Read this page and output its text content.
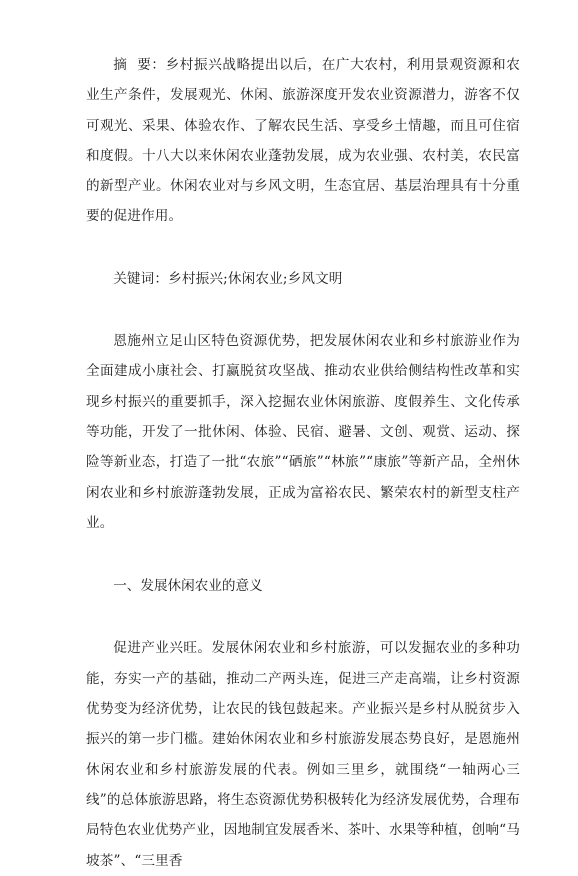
摘  要：乡村振兴战略提出以后，在广大农村，利用景观资源和农业生产条件，发展观光、休闲、旅游深度开发农业资源潜力，游客不仅可观光、采果、体验农作、了解农民生活、享受乡土情趣，而且可住宿和度假。十八大以来休闲农业蓬勃发展，成为农业强、农村美，农民富的新型产业。休闲农业对与乡风文明，生态宜居、基层治理具有十分重要的促进作用。

关键词：乡村振兴;休闲农业;乡风文明

恩施州立足山区特色资源优势，把发展休闲农业和乡村旅游业作为全面建成小康社会、打赢脱贫攻坚战、推动农业供给侧结构性改革和实现乡村振兴的重要抓手，深入挖掘农业休闲旅游、度假养生、文化传承等功能，开发了一批休闲、体验、民宿、避暑、文创、观赏、运动、探险等新业态，打造了一批“农旅”“硒旅”“林旅”“康旅”等新产品，全州休闲农业和乡村旅游蓬勃发展，正成为富裕农民、繁荣农村的新型支柱产业。

一、发展休闲农业的意义

促进产业兴旺。发展休闲农业和乡村旅游，可以发掘农业的多种功能，夯实一产的基础，推动二产两头连，促进三产走高端，让乡村资源优势变为经济优势，让农民的钱包鼓起来。产业振兴是乡村从脱贫步入振兴的第一步门槛。建始休闲农业和乡村旅游发展态势良好，是恩施州休闲农业和乡村旅游发展的代表。例如三里乡，就围绕“一轴两心三线”的总体旅游思路，将生态资源优势积极转化为经济发展优势，合理布局特色农业优势产业，因地制宜发展香米、茶叶、水果等种植，创响“马坡茶”、“三里香
